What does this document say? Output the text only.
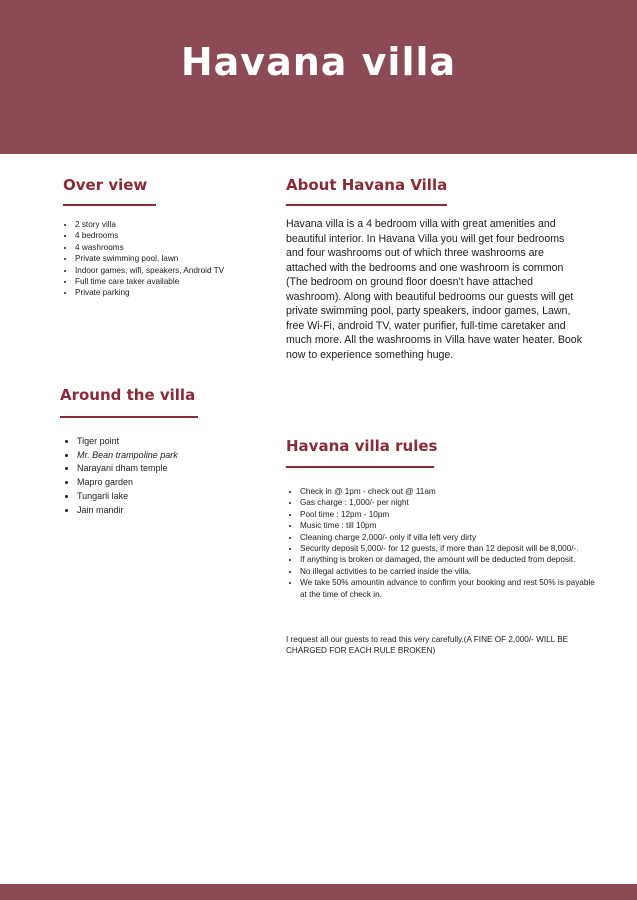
Havana villa
Over view
• 2 story villa
• 4 bedrooms
• 4 washrooms
• Private swimming pool, lawn
• Indoor games, wifi, speakers, Android TV
• Full time care taker available
• Private parking
Around the villa
• Tiger point
• Mr. Bean trampoline park
• Narayani dham temple
• Mapro garden
• Tungarli lake
• Jain mandir
About Havana Villa

Havana villa is a 4 bedroom villa with great amenities and beautiful interior. In Havana Villa you will get four bedrooms and four washrooms out of which three washrooms are attached with the bedrooms and one washroom is common (The bedroom on ground floor doesn't have attached washroom). Along with beautiful bedrooms our guests will get private swimming pool, party speakers, indoor games, Lawn, free Wi-Fi, android TV, water purifier, full-time caretaker and much more. All the washrooms in Villa have water heater. Book now to experience something huge.

Havana villa rules
• Check in @ 1pm - check out @ 11am
• Gas charge : 1,000/- per night
• Pool time : 12pm - 10pm
• Music time : till 10pm
• Cleaning charge 2,000/- only if villa left very dirty
• Security deposit 5,000/- for 12 guests, if more than 12 deposit will be 8,000/-.
• If anything is broken or damaged, the amount will be deducted from deposit.
• No illegal activities to be carried inside the villa.
• We take 50% amountin advance to confirm your booking and rest 50% is payable at the time of check in.

I request all our guests to read this very carefully.(A FINE OF 2,000/- WILL BE CHARGED FOR EACH RULE BROKEN)
